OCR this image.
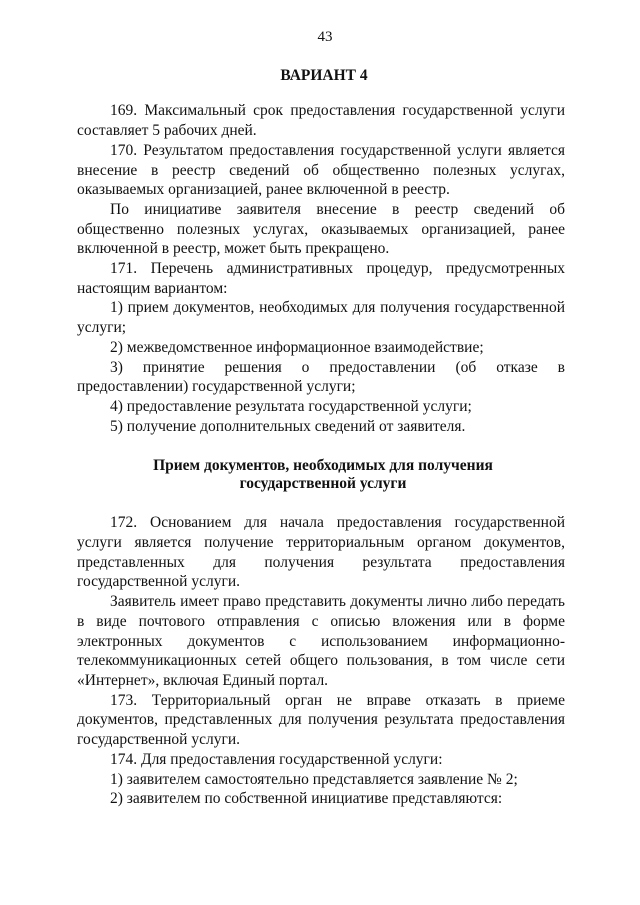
43
ВАРИАНТ 4

169. Максимальный срок предоставления государственной услуги составляет 5 рабочих дней.

170. Результатом предоставления государственной услуги является внесение в реестр сведений об общественно полезных услугах, оказываемых организацией, ранее включенной в реестр.

По инициативе заявителя внесение в реестр сведений об общественно полезных услугах, оказываемых организацией, ранее включенной в реестр, может быть прекращено.

171. Перечень административных процедур, предусмотренных настоящим вариантом:

1) прием документов, необходимых для получения государственной услуги;

2) межведомственное информационное взаимодействие;

3) принятие решения о предоставлении (об отказе в предоставлении) государственной услуги;

4) предоставление результата государственной услуги;

5) получение дополнительных сведений от заявителя.

Прием документов, необходимых для получения
государственной услуги

172. Основанием для начала предоставления государственной услуги является получение территориальным органом документов, представленных для получения результата предоставления государственной услуги.

Заявитель имеет право представить документы лично либо передать в виде почтового отправления с описью вложения или в форме электронных документов с использованием информационно-телекоммуникационных сетей общего пользования, в том числе сети «Интернет», включая Единый портал.

173. Территориальный орган не вправе отказать в приеме документов, представленных для получения результата предоставления государственной услуги.

174. Для предоставления государственной услуги:

1) заявителем самостоятельно представляется заявление № 2;

2) заявителем по собственной инициативе представляются:
